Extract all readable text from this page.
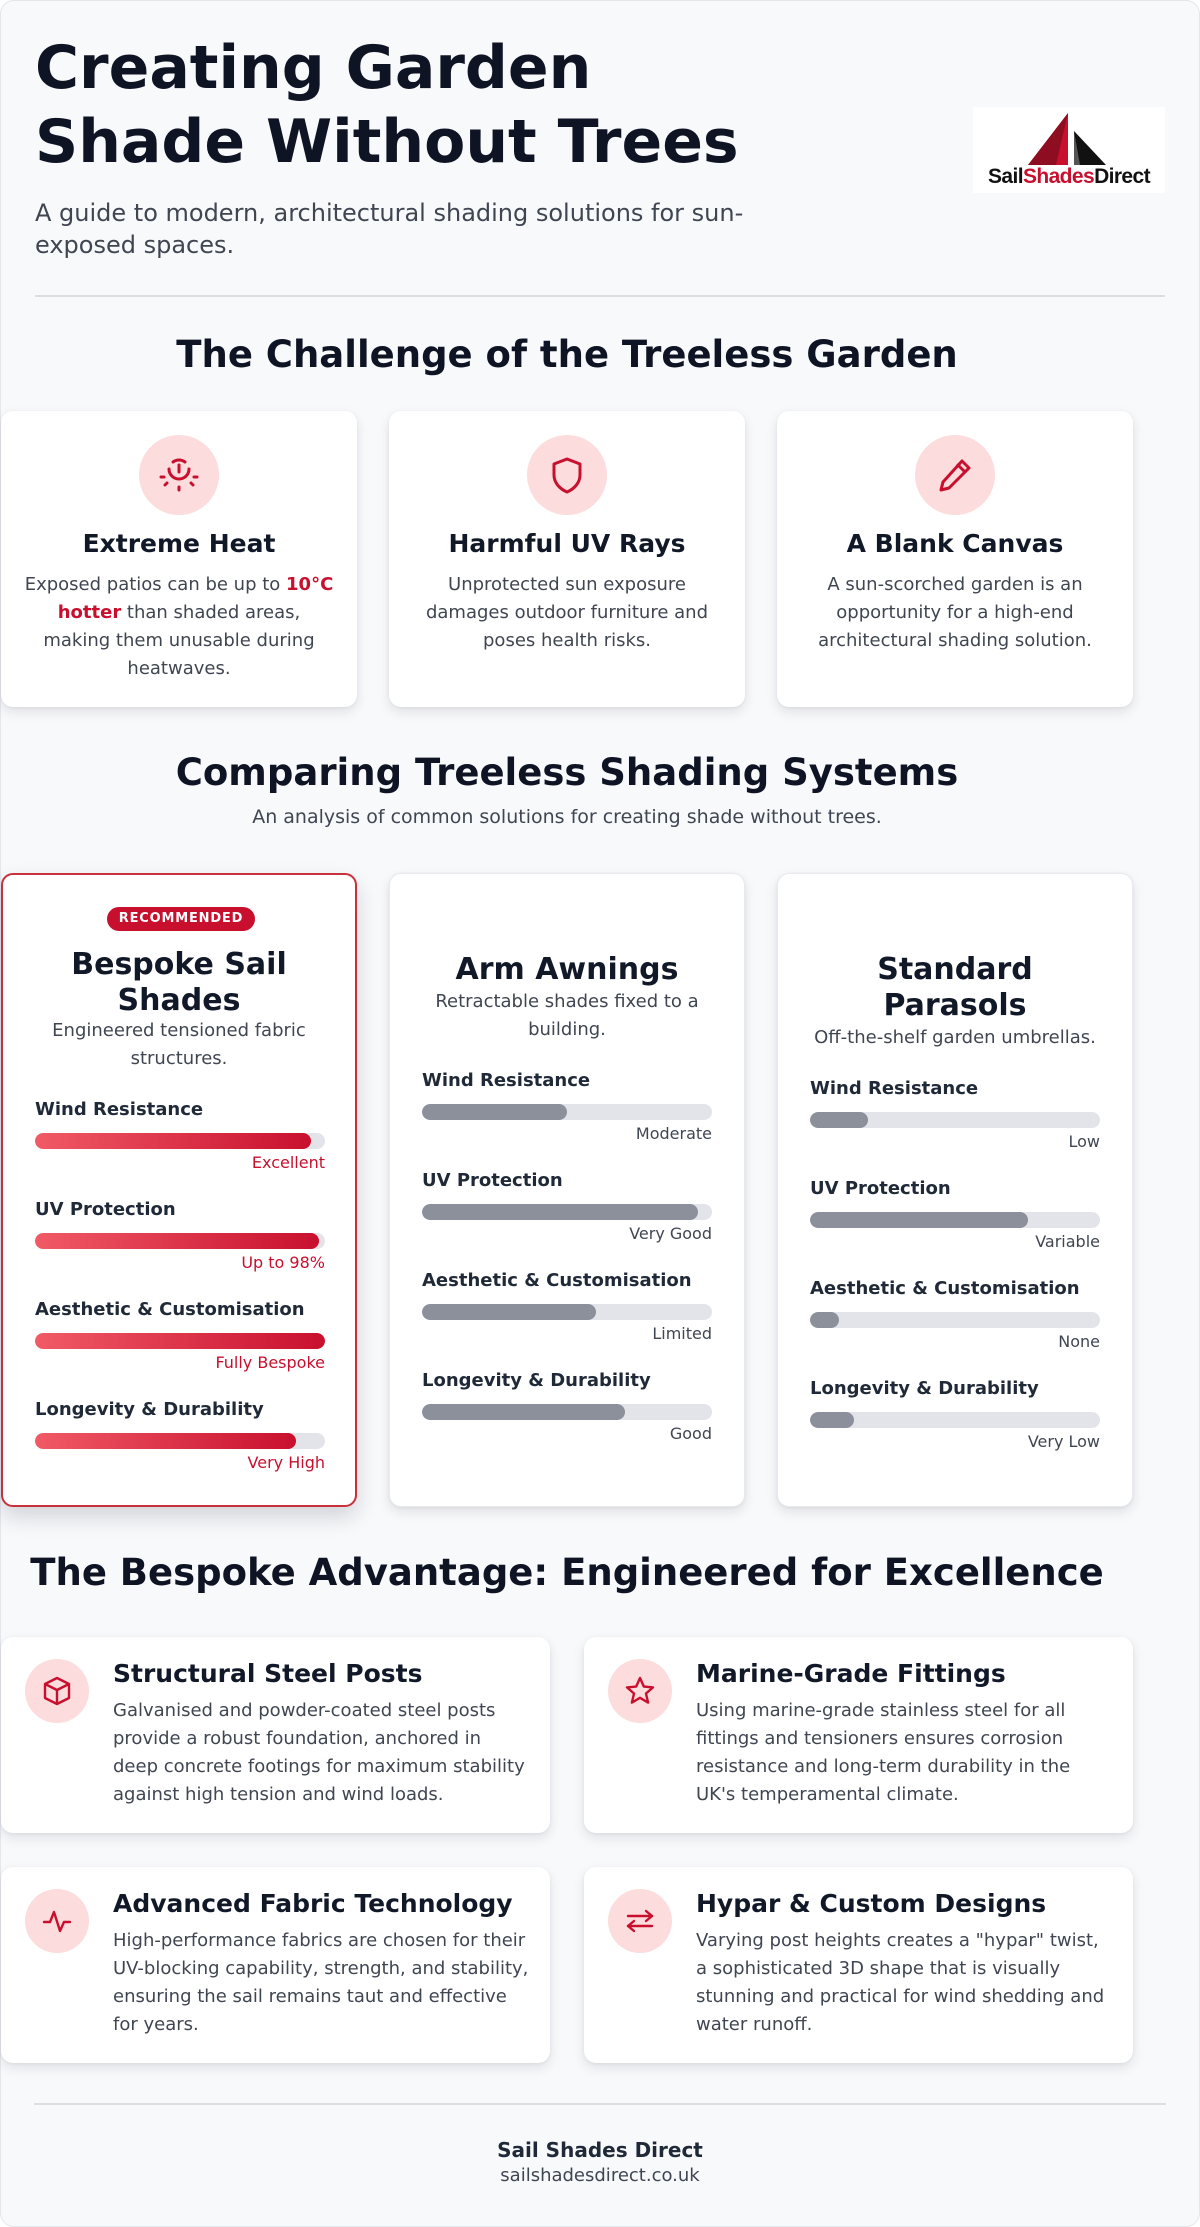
Creating Garden Shade Without Trees

A guide to modern, architectural shading solutions for sun-exposed spaces.

SailShadesDirect
The Challenge of the Treeless Garden
Extreme Heat

Exposed patios can be up to 10°C hotter than shaded areas, making them unusable during heatwaves.

Harmful UV Rays

Unprotected sun exposure damages outdoor furniture and poses health risks.

A Blank Canvas

A sun-scorched garden is an opportunity for a high-end architectural shading solution.

Comparing Treeless Shading Systems

An analysis of common solutions for creating shade without trees.

RECOMMENDED
Bespoke Sail Shades

Engineered tensioned fabric structures.

Wind Resistance
Excellent
UV Protection
Up to 98%
Aesthetic & Customisation
Fully Bespoke
Longevity & Durability
Very High
Arm Awnings

Retractable shades fixed to a building.

Wind Resistance
Moderate
UV Protection
Very Good
Aesthetic & Customisation
Limited
Longevity & Durability
Good
Standard Parasols

Off-the-shelf garden umbrellas.

Wind Resistance
Low
UV Protection
Variable
Aesthetic & Customisation
None
Longevity & Durability
Very Low
The Bespoke Advantage: Engineered for Excellence
Structural Steel Posts

Galvanised and powder-coated steel posts provide a robust foundation, anchored in deep concrete footings for maximum stability against high tension and wind loads.

Marine-Grade Fittings

Using marine-grade stainless steel for all fittings and tensioners ensures corrosion resistance and long-term durability in the UK's temperamental climate.

Advanced Fabric Technology

High-performance fabrics are chosen for their UV-blocking capability, strength, and stability, ensuring the sail remains taut and effective for years.

Hypar & Custom Designs

Varying post heights creates a "hypar" twist, a sophisticated 3D shape that is visually stunning and practical for wind shedding and water runoff.

Sail Shades Direct
sailshadesdirect.co.uk
